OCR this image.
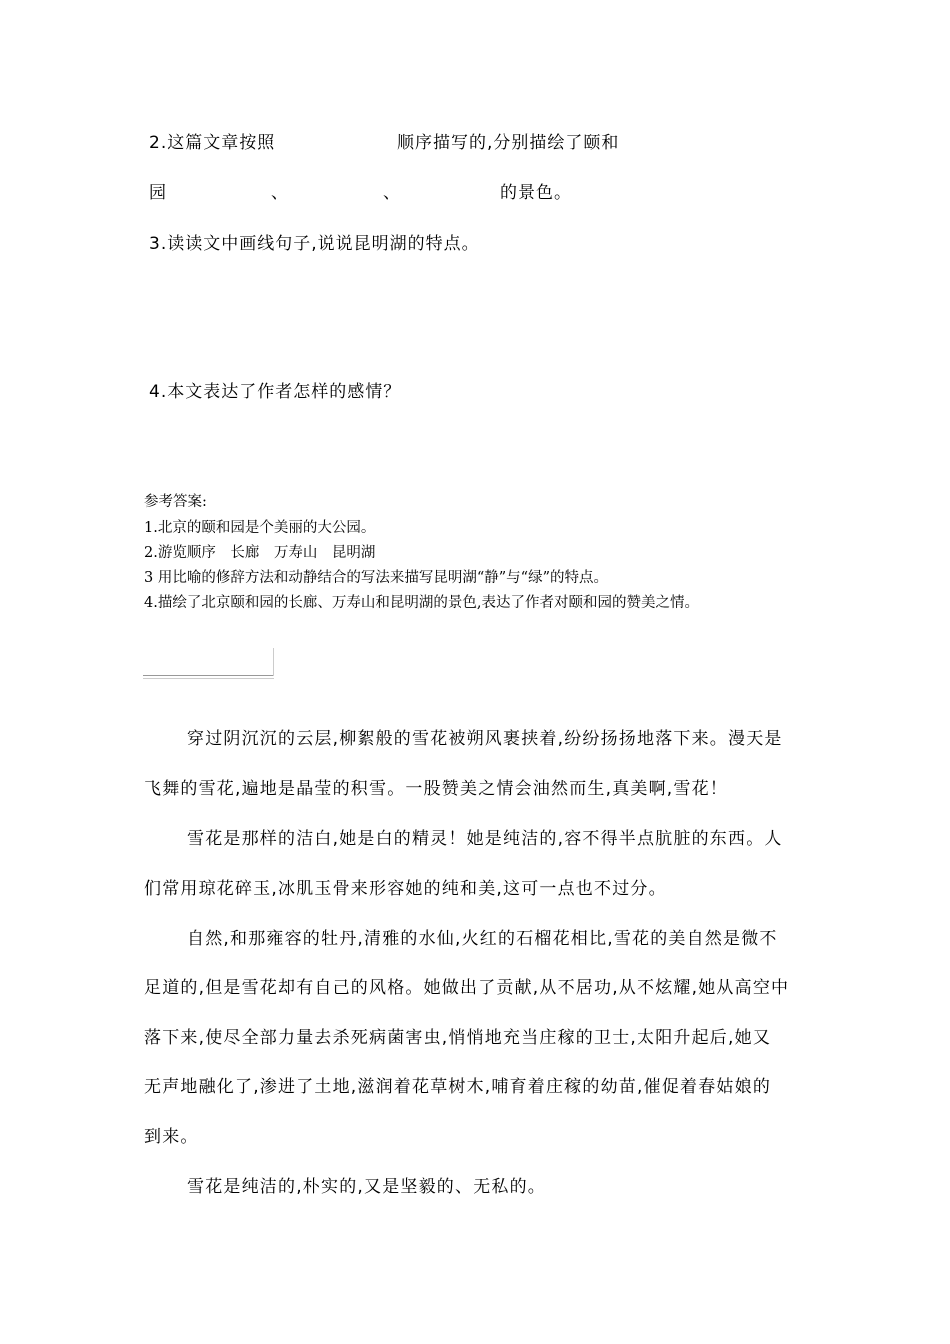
2.这篇文章按照	顺序描写的,分别描绘了颐和
园	、	、	的景色。
3.读读文中画线句子,说说昆明湖的特点。
4.本文表达了作者怎样的感情？
参考答案:
1.北京的颐和园是个美丽的大公园。
2.游览顺序　长廊　万寿山　昆明湖
3 用比喻的修辞方法和动静结合的写法来描写昆明湖“静”与“绿”的特点。
4.描绘了北京颐和园的长廊、万寿山和昆明湖的景色,表达了作者对颐和园的赞美之情。
穿过阴沉沉的云层,柳絮般的雪花被朔风裹挟着,纷纷扬扬地落下来。漫天是
飞舞的雪花,遍地是晶莹的积雪。一股赞美之情会油然而生,真美啊,雪花！
雪花是那样的洁白,她是白的精灵！她是纯洁的,容不得半点肮脏的东西。人
们常用琼花碎玉,冰肌玉骨来形容她的纯和美,这可一点也不过分。
自然,和那雍容的牡丹,清雅的水仙,火红的石榴花相比,雪花的美自然是微不
足道的,但是雪花却有自己的风格。她做出了贡献,从不居功,从不炫耀,她从高空中
落下来,使尽全部力量去杀死病菌害虫,悄悄地充当庄稼的卫士,太阳升起后,她又
无声地融化了,渗进了土地,滋润着花草树木,哺育着庄稼的幼苗,催促着春姑娘的
到来。
雪花是纯洁的,朴实的,又是坚毅的、无私的。
